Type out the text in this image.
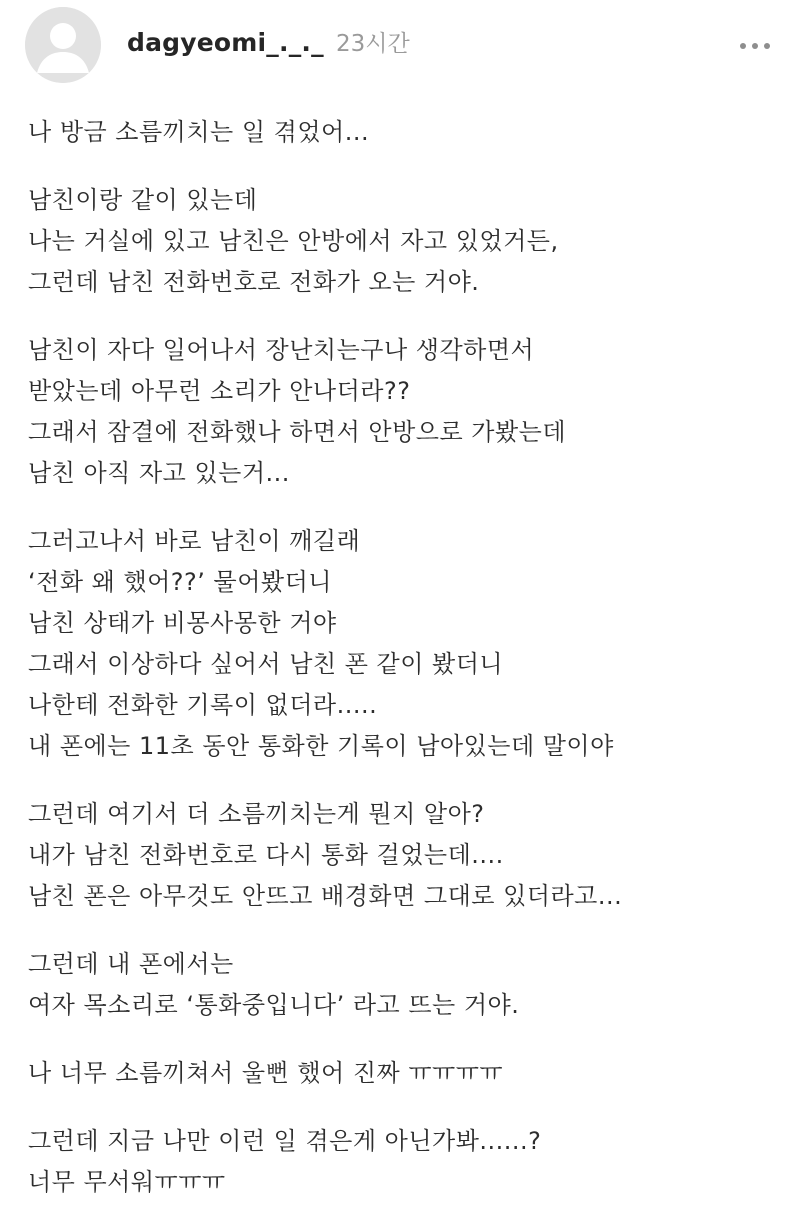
dagyeomi_._._ 23시간
나 방금 소름끼치는 일 겪었어...
남친이랑 같이 있는데
나는 거실에 있고 남친은 안방에서 자고 있었거든,
그런데 남친 전화번호로 전화가 오는 거야.
남친이 자다 일어나서 장난치는구나 생각하면서
받았는데 아무런 소리가 안나더라??
그래서 잠결에 전화했나 하면서 안방으로 가봤는데
남친 아직 자고 있는거...
그러고나서 바로 남친이 깨길래
‘전화 왜 했어??’ 물어봤더니
남친 상태가 비몽사몽한 거야
그래서 이상하다 싶어서 남친 폰 같이 봤더니
나한테 전화한 기록이 없더라.....
내 폰에는 11초 동안 통화한 기록이 남아있는데 말이야
그런데 여기서 더 소름끼치는게 뭔지 알아?
내가 남친 전화번호로 다시 통화 걸었는데....
남친 폰은 아무것도 안뜨고 배경화면 그대로 있더라고...
그런데 내 폰에서는
여자 목소리로 ‘통화중입니다’ 라고 뜨는 거야.
나 너무 소름끼쳐서 울뻔 했어 진짜 ㅠㅠㅠㅠ
그런데 지금 나만 이런 일 겪은게 아닌가봐......?
너무 무서워ㅠㅠㅠ
